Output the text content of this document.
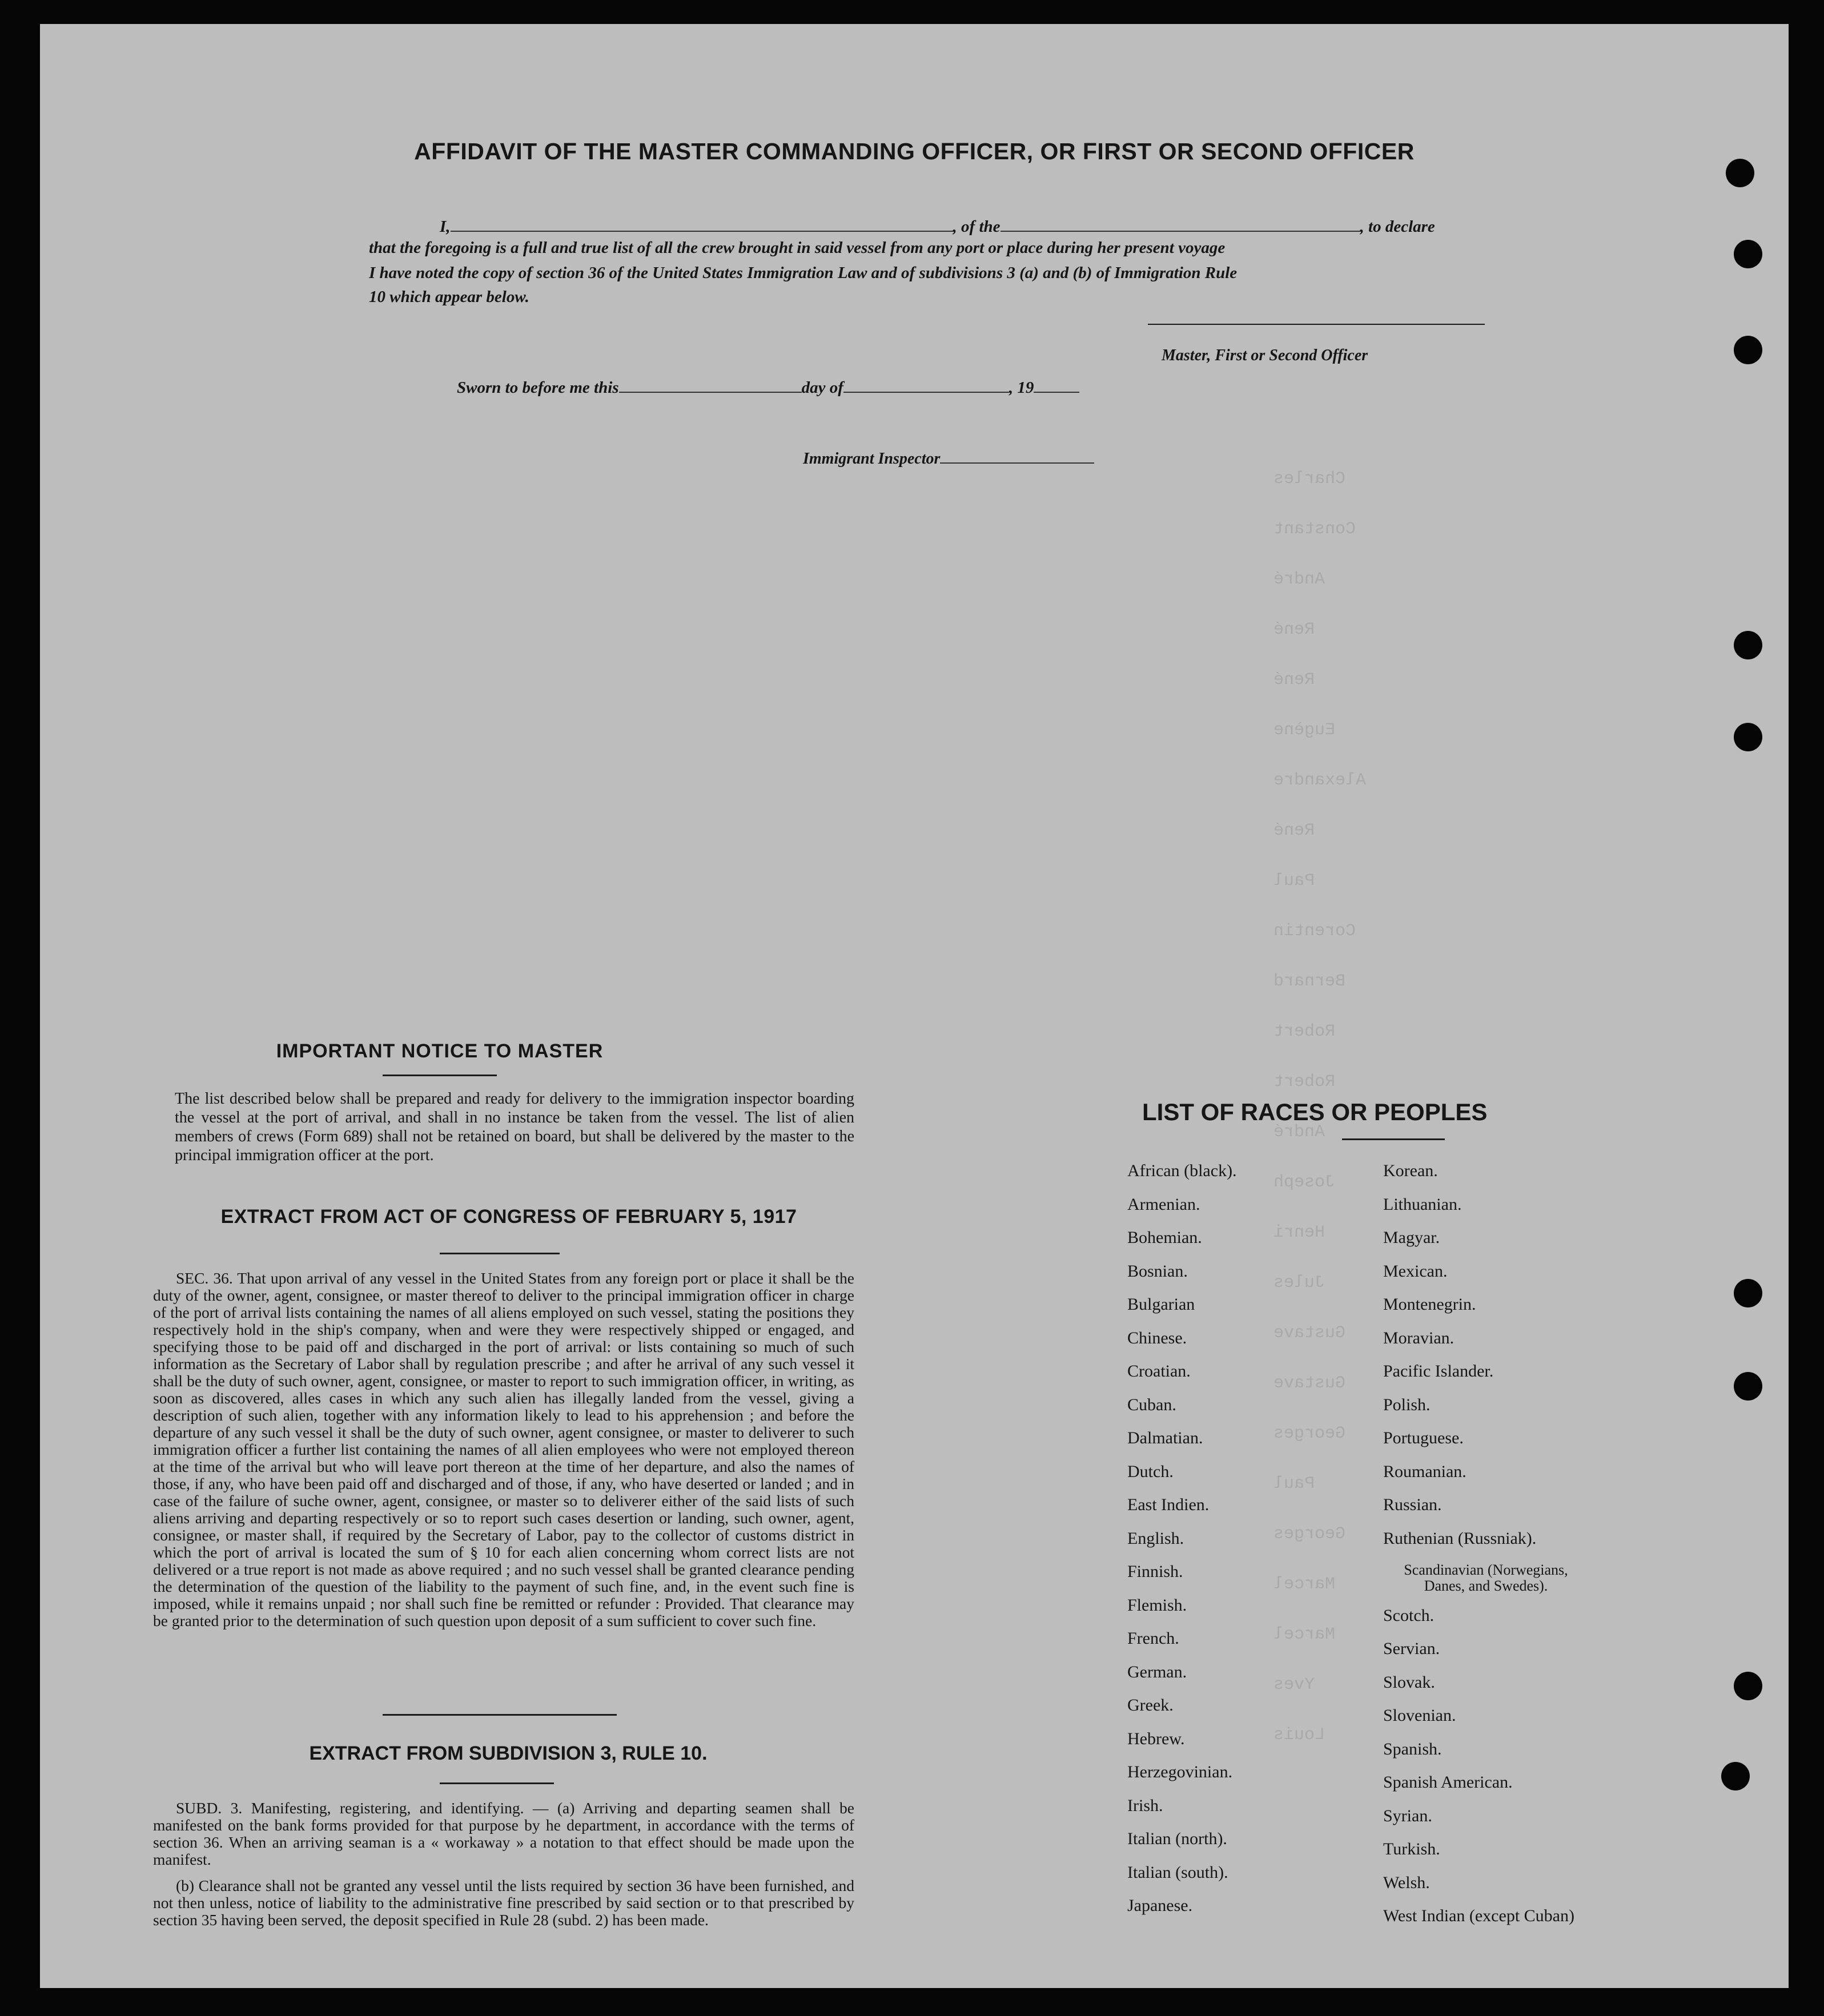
Charles
Constant
André
René
René
Eugène
Alexandre
René
Paul
Corentin
Bernard
Robert
Robert
André
Joseph
Henri
Jules
Gustave
Gustave
Georges
Paul
Georges
Marcel
Marcel
Yves
Louis
AFFIDAVIT OF THE MASTER COMMANDING OFFICER, OR FIRST OR SECOND OFFICER
I,	, of the	, to declare
that the foregoing is a full and true list of all the crew brought in said vessel from any port or place during her present voyage
I have noted the copy of section 36 of the United States Immigration Law and of subdivisions 3 (a) and (b) of Immigration Rule
10 which appear below.
Master, First or Second Officer
Sworn to before me this	day of	, 19
Immigrant Inspector
IMPORTANT NOTICE TO MASTER
The list described below shall be prepared and ready for delivery to the immigration inspector boarding the vessel at the port of arrival, and shall in no instance be taken from the vessel. The list of alien members of crews (Form 689) shall not be retained on board, but shall be delivered by the master to the principal immigration officer at the port.
EXTRACT FROM ACT OF CONGRESS OF FEBRUARY 5, 1917
SEC. 36. That upon arrival of any vessel in the United States from any foreign port or place it shall be the duty of the owner, agent, consignee, or master thereof to deliver to the principal immigration officer in charge of the port of arrival lists containing the names of all aliens employed on such vessel, stating the positions they respectively hold in the ship's company, when and were they were respectively shipped or engaged, and specifying those to be paid off and discharged in the port of arrival: or lists containing so much of such information as the Secretary of Labor shall by regulation prescribe ; and after he arrival of any such vessel it shall be the duty of such owner, agent, consignee, or master to report to such immigration officer, in writing, as soon as discovered, alles cases in which any such alien has illegally landed from the vessel, giving a description of such alien, together with any information likely to lead to his apprehension ; and before the departure of any such vessel it shall be the duty of such owner, agent consignee, or master to deliverer to such immigration officer a further list containing the names of all alien employees who were not employed thereon at the time of the arrival but who will leave port thereon at the time of her departure, and also the names of those, if any, who have been paid off and discharged and of those, if any, who have deserted or landed ; and in case of the failure of suche owner, agent, consignee, or master so to deliverer either of the said lists of such aliens arriving and departing respectively or so to report such cases desertion or landing, such owner, agent, consignee, or master shall, if required by the Secretary of Labor, pay to the collector of customs district in which the port of arrival is located the sum of § 10 for each alien concerning whom correct lists are not delivered or a true report is not made as above required ; and no such vessel shall be granted clearance pending the determination of the question of the liability to the payment of such fine, and, in the event such fine is imposed, while it remains unpaid ; nor shall such fine be remitted or refunder : Provided. That clearance may be granted prior to the determination of such question upon deposit of a sum sufficient to cover such fine.
EXTRACT FROM SUBDIVISION 3, RULE 10.
SUBD. 3. Manifesting, registering, and identifying. — (a) Arriving and departing seamen shall be manifested on the bank forms provided for that purpose by he department, in accordance with the terms of section 36. When an arriving seaman is a « workaway » a notation to that effect should be made upon the manifest.
(b) Clearance shall not be granted any vessel until the lists required by section 36 have been furnished, and not then unless, notice of liability to the administrative fine prescribed by said section or to that prescribed by section 35 having been served, the deposit specified in Rule 28 (subd. 2) has been made.
LIST OF RACES OR PEOPLES
African (black).
Armenian.
Bohemian.
Bosnian.
Bulgarian
Chinese.
Croatian.
Cuban.
Dalmatian.
Dutch.
East Indien.
English.
Finnish.
Flemish.
French.
German.
Greek.
Hebrew.
Herzegovinian.
Irish.
Italian (north).
Italian (south).
Japanese.
Korean.
Lithuanian.
Magyar.
Mexican.
Montenegrin.
Moravian.
Pacific Islander.
Polish.
Portuguese.
Roumanian.
Russian.
Ruthenian (Russniak).
Scandinavian (Norwegians, Danes, and Swedes).
Scotch.
Servian.
Slovak.
Slovenian.
Spanish.
Spanish American.
Syrian.
Turkish.
Welsh.
West Indian (except Cuban)
